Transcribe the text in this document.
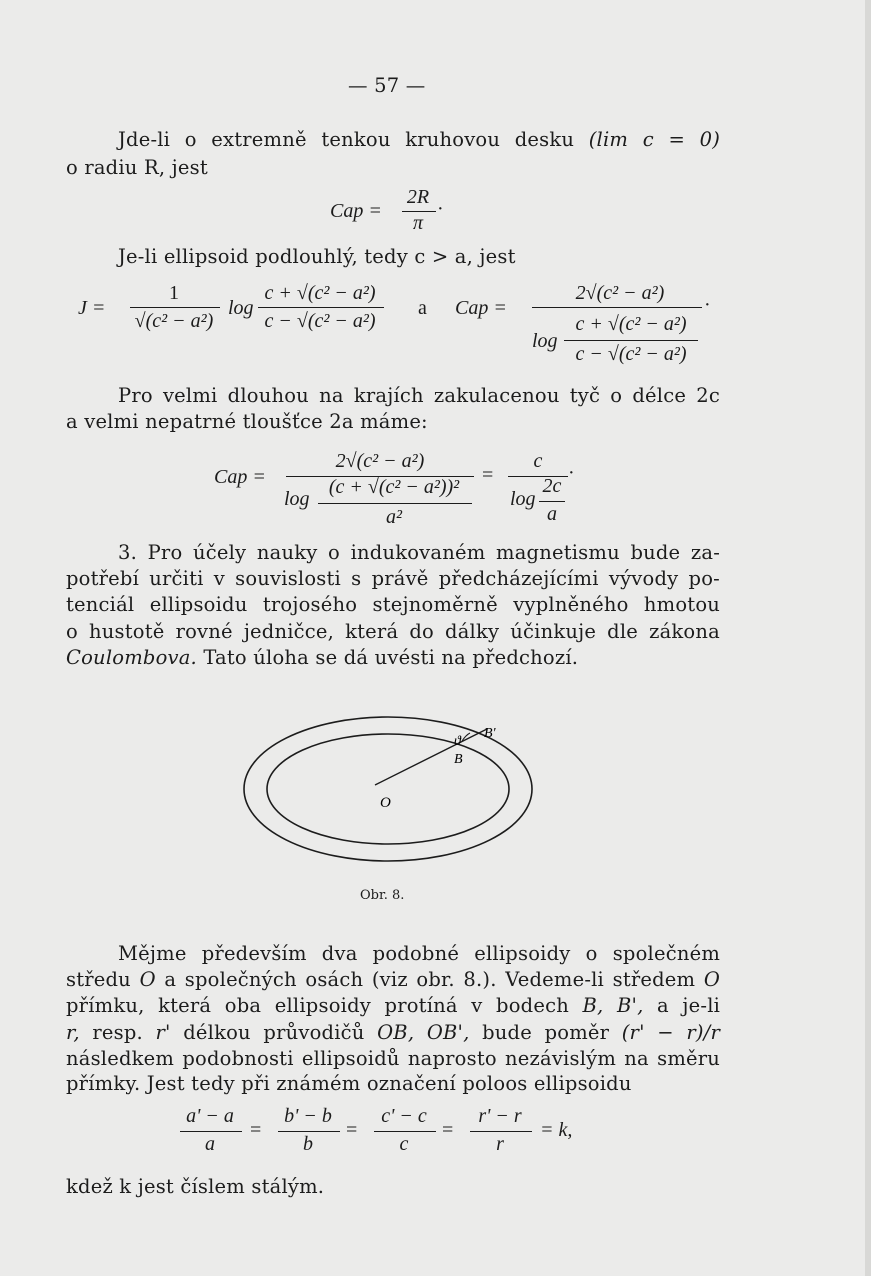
— 57 —
Jde-li o extremně tenkou kruhovou desku (lim c = 0)
o radiu R, jest
Cap =
2R
π
·
Je-li ellipsoid podlouhlý, tedy c > a, jest
J =
1
√(c² − a²)
log
c + √(c² − a²)
c − √(c² − a²)
a Cap =
2√(c² − a²)
·
log
c + √(c² − a²)
c − √(c² − a²)
Pro velmi dlouhou na krajích zakulacenou tyč o délce 2c
a velmi nepatrné tloušťce 2a máme:
Cap =
2√(c² − a²)
log
(c + √(c² − a²))²
a²
=
c
·
log
2c
a
3. Pro účely nauky o indukovaném magnetismu bude za-
potřebí určiti v souvislosti s právě předcházejícími vývody po-
tenciál ellipsoidu trojosého stejnoměrně vyplněného hmotou
o hustotě rovné jedničce, která do dálky účinkuje dle zákona
Coulombova. Tato úloha se dá uvésti na předchozí.
B'
ϑ
B
O
Obr. 8.
Mějme především dva podobné ellipsoidy o společném
středu O a společných osách (viz obr. 8.). Vedeme-li středem O
přímku, která oba ellipsoidy protíná v bodech B, B', a je-li
r, resp. r' délkou průvodičů OB, OB', bude poměr (r' − r)/r
následkem podobnosti ellipsoidů naprosto nezávislým na směru
přímky. Jest tedy při známém označení poloos ellipsoidu
a' − a
a
=
b' − b
b
=
c' − c
c
=
r' − r
r
= k,
kdež k jest číslem stálým.
